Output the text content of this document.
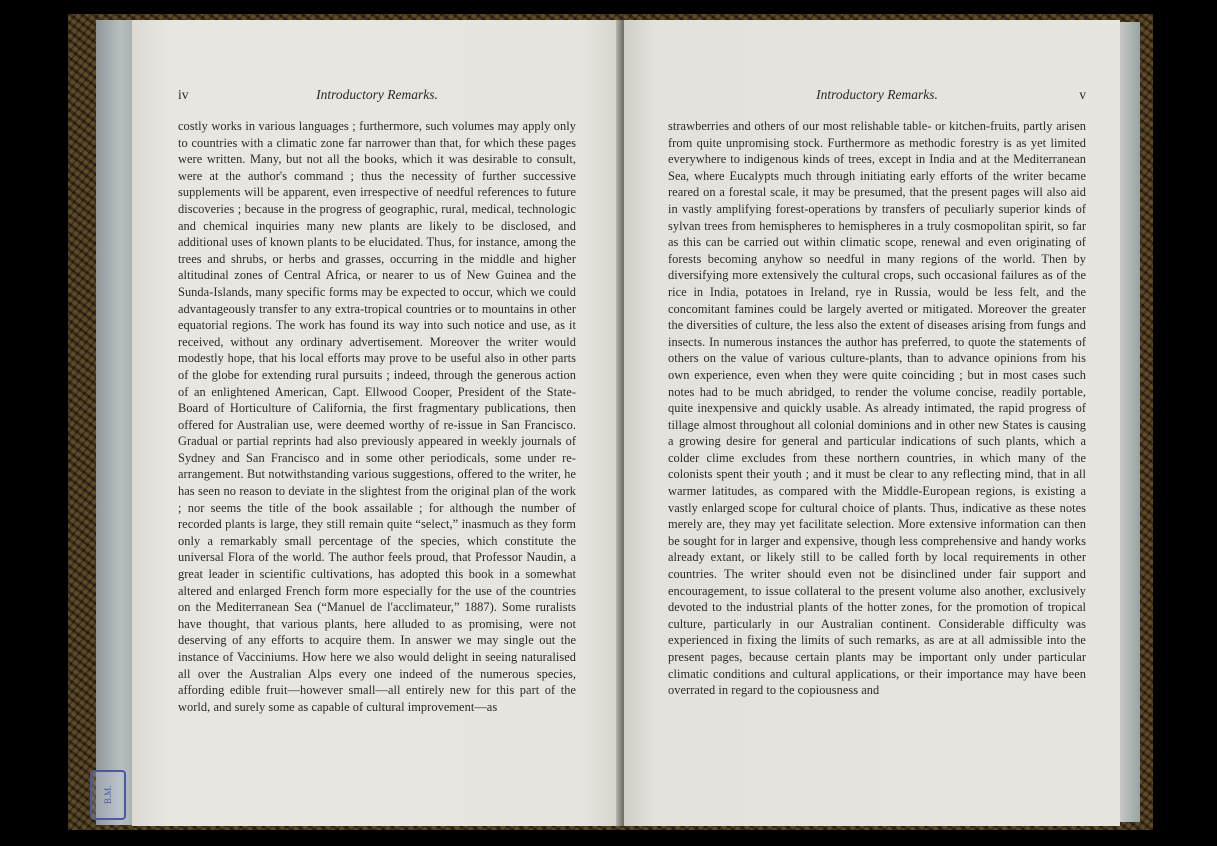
iv	Introductory Remarks.
costly works in various languages ; furthermore, such volumes may apply only to countries with a climatic zone far narrower than that, for which these pages were written. Many, but not all the books, which it was desirable to consult, were at the author's command ; thus the necessity of further successive supplements will be apparent, even irrespective of needful references to future discoveries ; because in the progress of geographic, rural, medical, technologic and chemical inquiries many new plants are likely to be disclosed, and additional uses of known plants to be elucidated. Thus, for instance, among the trees and shrubs, or herbs and grasses, occurring in the middle and higher altitudinal zones of Central Africa, or nearer to us of New Guinea and the Sunda-Islands, many specific forms may be expected to occur, which we could advantageously transfer to any extra-tropical countries or to mountains in other equatorial regions. The work has found its way into such notice and use, as it received, without any ordinary advertisement. Moreover the writer would modestly hope, that his local efforts may prove to be useful also in other parts of the globe for extending rural pursuits ; indeed, through the generous action of an enlightened American, Capt. Ellwood Cooper, President of the State-Board of Horticulture of California, the first fragmentary publications, then offered for Australian use, were deemed worthy of re-issue in San Francisco. Gradual or partial reprints had also previously appeared in weekly journals of Sydney and San Francisco and in some other periodicals, some under re-arrangement. But notwithstanding various suggestions, offered to the writer, he has seen no reason to deviate in the slightest from the original plan of the work ; nor seems the title of the book assailable ; for although the number of recorded plants is large, they still remain quite “select,” inasmuch as they form only a remarkably small percentage of the species, which constitute the universal Flora of the world. The author feels proud, that Professor Naudin, a great leader in scientific cultivations, has adopted this book in a somewhat altered and enlarged French form more especially for the use of the countries on the Mediterranean Sea (“Manuel de l'acclimateur,” 1887). Some ruralists have thought, that various plants, here alluded to as promising, were not deserving of any efforts to acquire them. In answer we may single out the instance of Vacciniums. How here we also would delight in seeing naturalised all over the Australian Alps every one indeed of the numerous species, affording edible fruit—however small—all entirely new for this part of the world, and surely some as capable of cultural improvement—as
Introductory Remarks.	v
strawberries and others of our most relishable table- or kitchen-fruits, partly arisen from quite unpromising stock. Furthermore as methodic forestry is as yet limited everywhere to indigenous kinds of trees, except in India and at the Mediterranean Sea, where Eucalypts much through initiating early efforts of the writer became reared on a forestal scale, it may be presumed, that the present pages will also aid in vastly amplifying forest-operations by transfers of peculiarly superior kinds of sylvan trees from hemispheres to hemispheres in a truly cosmopolitan spirit, so far as this can be carried out within climatic scope, renewal and even originating of forests becoming anyhow so needful in many regions of the world. Then by diversifying more extensively the cultural crops, such occasional failures as of the rice in India, potatoes in Ireland, rye in Russia, would be less felt, and the concomitant famines could be largely averted or mitigated. Moreover the greater the diversities of culture, the less also the extent of diseases arising from fungs and insects. In numerous instances the author has preferred, to quote the statements of others on the value of various culture-plants, than to advance opinions from his own experience, even when they were quite coinciding ; but in most cases such notes had to be much abridged, to render the volume concise, readily portable, quite inexpensive and quickly usable. As already intimated, the rapid progress of tillage almost throughout all colonial dominions and in other new States is causing a growing desire for general and particular indications of such plants, which a colder clime excludes from these northern countries, in which many of the colonists spent their youth ; and it must be clear to any reflecting mind, that in all warmer latitudes, as compared with the Middle-European regions, is existing a vastly enlarged scope for cultural choice of plants. Thus, indicative as these notes merely are, they may yet facilitate selection. More extensive information can then be sought for in larger and expensive, though less comprehensive and handy works already extant, or likely still to be called forth by local requirements in other countries. The writer should even not be disinclined under fair support and encouragement, to issue collateral to the present volume also another, exclusively devoted to the industrial plants of the hotter zones, for the promotion of tropical culture, particularly in our Australian continent. Considerable difficulty was experienced in fixing the limits of such remarks, as are at all admissible into the present pages, because certain plants may be important only under particular climatic conditions and cultural applications, or their importance may have been overrated in regard to the copiousness and
B.M.
